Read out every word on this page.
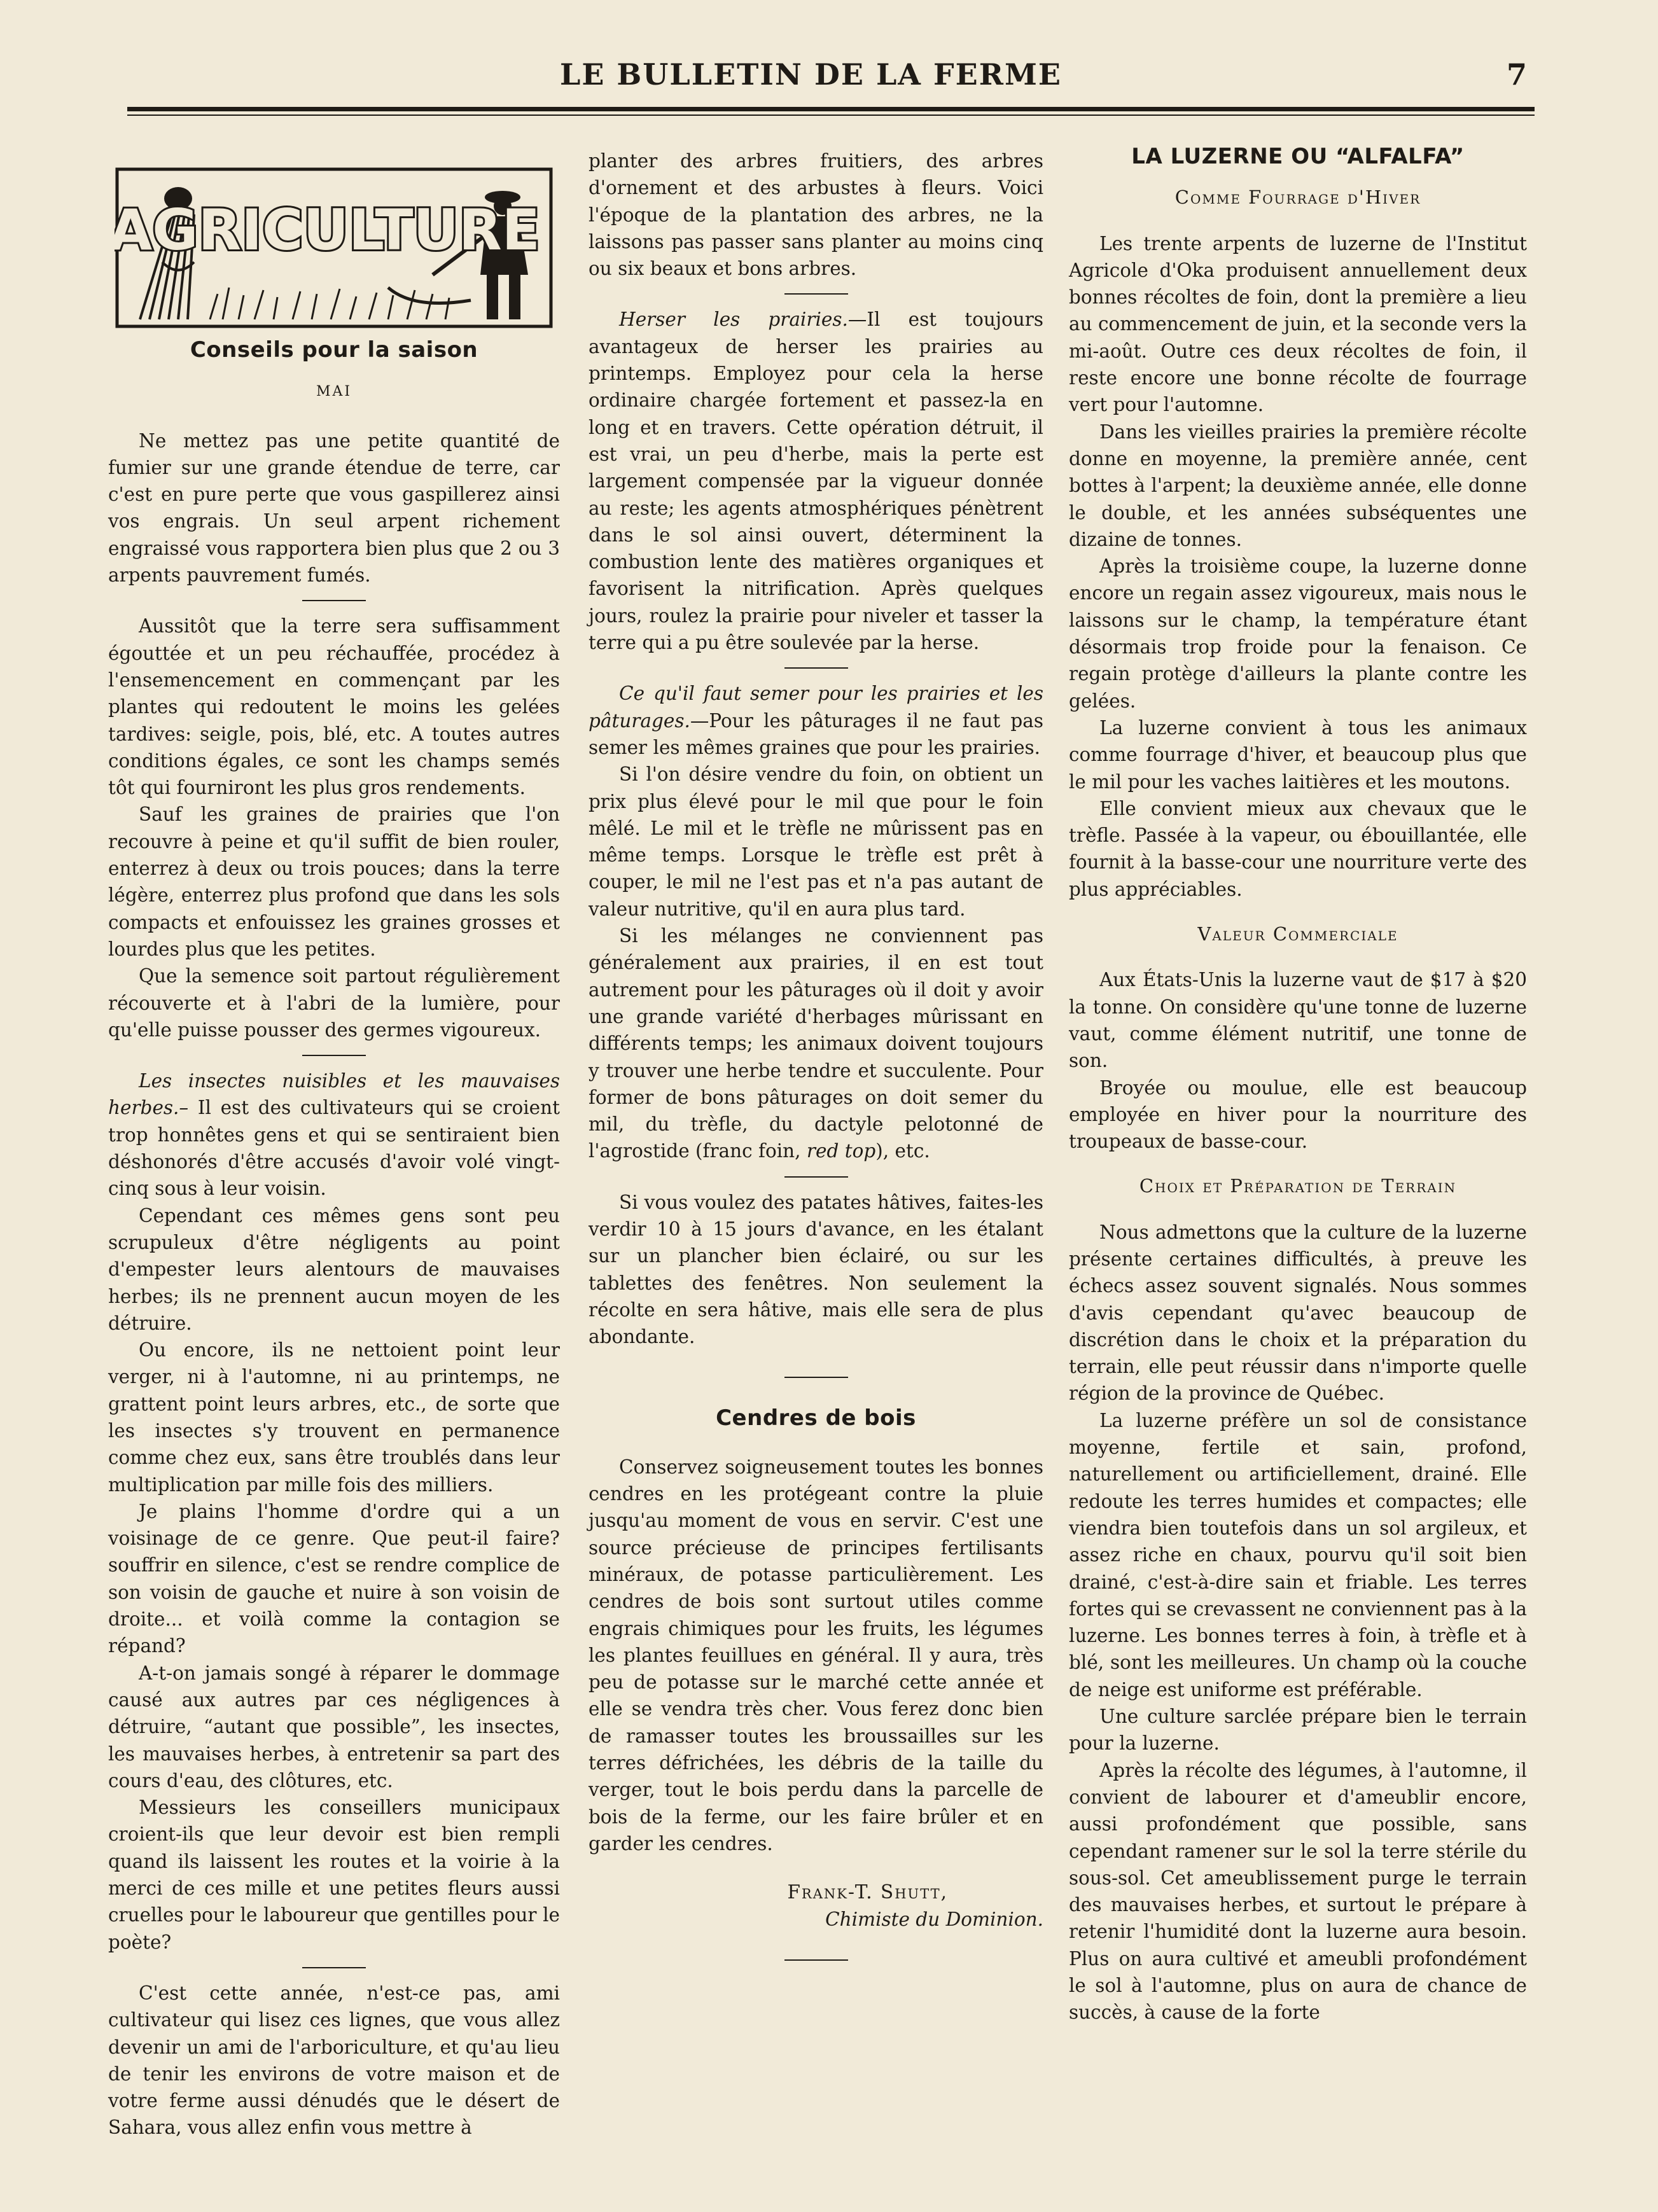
LE BULLETIN DE LA FERME	7
AGRICULTURE
Conseils pour la saison
MAI

Ne mettez pas une petite quantité de fumier sur une grande étendue de terre, car c'est en pure perte que vous gaspillerez ainsi vos engrais. Un seul arpent richement engraissé vous rapportera bien plus que 2 ou 3 arpents pauvrement fumés.

Aussitôt que la terre sera suffisamment égouttée et un peu réchauffée, procédez à l'ensemencement en commençant par les plantes qui redoutent le moins les gelées tardives: seigle, pois, blé, etc. A toutes autres conditions égales, ce sont les champs semés tôt qui fourniront les plus gros rendements.

Sauf les graines de prairies que l'on recouvre à peine et qu'il suffit de bien rouler, enterrez à deux ou trois pouces; dans la terre légère, enterrez plus profond que dans les sols compacts et enfouissez les graines grosses et lourdes plus que les petites.

Que la semence soit partout régulièrement récouverte et à l'abri de la lumière, pour qu'elle puisse pousser des germes vigoureux.

Les insectes nuisibles et les mauvaises herbes.– Il est des cultivateurs qui se croient trop honnêtes gens et qui se sentiraient bien déshonorés d'être accusés d'avoir volé vingt-cinq sous à leur voisin.

Cependant ces mêmes gens sont peu scrupuleux d'être négligents au point d'empester leurs alentours de mauvaises herbes; ils ne prennent aucun moyen de les détruire.

Ou encore, ils ne nettoient point leur verger, ni à l'automne, ni au printemps, ne grattent point leurs arbres, etc., de sorte que les insectes s'y trouvent en permanence comme chez eux, sans être troublés dans leur multiplication par mille fois des milliers.

Je plains l'homme d'ordre qui a un voisinage de ce genre. Que peut-il faire? souffrir en silence, c'est se rendre complice de son voisin de gauche et nuire à son voisin de droite... et voilà comme la contagion se répand?

A-t-on jamais songé à réparer le dommage causé aux autres par ces négligences à détruire, “autant que possible”, les insectes, les mauvaises herbes, à entretenir sa part des cours d'eau, des clôtures, etc.

Messieurs les conseillers municipaux croient-ils que leur devoir est bien rempli quand ils laissent les routes et la voirie à la merci de ces mille et une petites fleurs aussi cruelles pour le laboureur que gentilles pour le poète?

C'est cette année, n'est-ce pas, ami cultivateur qui lisez ces lignes, que vous allez devenir un ami de l'arboriculture, et qu'au lieu de tenir les environs de votre maison et de votre ferme aussi dénudés que le désert de Sahara, vous allez enfin vous mettre à

planter des arbres fruitiers, des arbres d'ornement et des arbustes à fleurs. Voici l'époque de la plantation des arbres, ne la laissons pas passer sans planter au moins cinq ou six beaux et bons arbres.

Herser les prairies.—Il est toujours avantageux de herser les prairies au printemps. Employez pour cela la herse ordinaire chargée fortement et passez-la en long et en travers. Cette opération détruit, il est vrai, un peu d'herbe, mais la perte est largement compensée par la vigueur donnée au reste; les agents atmosphériques pénètrent dans le sol ainsi ouvert, déterminent la combustion lente des matières organiques et favorisent la nitrification. Après quelques jours, roulez la prairie pour niveler et tasser la terre qui a pu être soulevée par la herse.

Ce qu'il faut semer pour les prairies et les pâturages.—Pour les pâturages il ne faut pas semer les mêmes graines que pour les prairies.

Si l'on désire vendre du foin, on obtient un prix plus élevé pour le mil que pour le foin mêlé. Le mil et le trèfle ne mûrissent pas en même temps. Lorsque le trèfle est prêt à couper, le mil ne l'est pas et n'a pas autant de valeur nutritive, qu'il en aura plus tard.

Si les mélanges ne conviennent pas généralement aux prairies, il en est tout autrement pour les pâturages où il doit y avoir une grande variété d'herbages mûrissant en différents temps; les animaux doivent toujours y trouver une herbe tendre et succulente. Pour former de bons pâturages on doit semer du mil, du trèfle, du dactyle pelotonné de l'agrostide (franc foin, red top), etc.

Si vous voulez des patates hâtives, faites-les verdir 10 à 15 jours d'avance, en les étalant sur un plancher bien éclairé, ou sur les tablettes des fenêtres. Non seulement la récolte en sera hâtive, mais elle sera de plus abondante.

Cendres de bois

Conservez soigneusement toutes les bonnes cendres en les protégeant contre la pluie jusqu'au moment de vous en servir. C'est une source précieuse de principes fertilisants minéraux, de potasse particulièrement. Les cendres de bois sont surtout utiles comme engrais chimiques pour les fruits, les légumes les plantes feuillues en général. Il y aura, très peu de potasse sur le marché cette année et elle se vendra très cher. Vous ferez donc bien de ramasser toutes les broussailles sur les terres défrichées, les débris de la taille du verger, tout le bois perdu dans la parcelle de bois de la ferme, our les faire brûler et en garder les cendres.

Frank-T. Shutt,
Chimiste du Dominion.
LA LUZERNE OU “ALFALFA”
Comme Fourrage d'Hiver

Les trente arpents de luzerne de l'Institut Agricole d'Oka produisent annuellement deux bonnes récoltes de foin, dont la première a lieu au commencement de juin, et la seconde vers la mi-août. Outre ces deux récoltes de foin, il reste encore une bonne récolte de fourrage vert pour l'automne.

Dans les vieilles prairies la première récolte donne en moyenne, la première année, cent bottes à l'arpent; la deuxième année, elle donne le double, et les années subséquentes une dizaine de tonnes.

Après la troisième coupe, la luzerne donne encore un regain assez vigoureux, mais nous le laissons sur le champ, la température étant désormais trop froide pour la fenaison. Ce regain protège d'ailleurs la plante contre les gelées.

La luzerne convient à tous les animaux comme fourrage d'hiver, et beaucoup plus que le mil pour les vaches laitières et les moutons.

Elle convient mieux aux chevaux que le trèfle. Passée à la vapeur, ou ébouillantée, elle fournit à la basse-cour une nourriture verte des plus appréciables.

Valeur Commerciale

Aux États-Unis la luzerne vaut de $17 à $20 la tonne. On considère qu'une tonne de luzerne vaut, comme élément nutritif, une tonne de son.

Broyée ou moulue, elle est beaucoup employée en hiver pour la nourriture des troupeaux de basse-cour.

Choix et Préparation de Terrain

Nous admettons que la culture de la luzerne présente certaines difficultés, à preuve les échecs assez souvent signalés. Nous sommes d'avis cependant qu'avec beaucoup de discrétion dans le choix et la préparation du terrain, elle peut réussir dans n'importe quelle région de la province de Québec.

La luzerne préfère un sol de consistance moyenne, fertile et sain, profond, naturellement ou artificiellement, drainé. Elle redoute les terres humides et compactes; elle viendra bien toutefois dans un sol argileux, et assez riche en chaux, pourvu qu'il soit bien drainé, c'est-à-dire sain et friable. Les terres fortes qui se crevassent ne conviennent pas à la luzerne. Les bonnes terres à foin, à trèfle et à blé, sont les meilleures. Un champ où la couche de neige est uniforme est préférable.

Une culture sarclée prépare bien le terrain pour la luzerne.

Après la récolte des légumes, à l'automne, il convient de labourer et d'ameublir encore, aussi profondément que possible, sans cependant ramener sur le sol la terre stérile du sous-sol. Cet ameublissement purge le terrain des mauvaises herbes, et surtout le prépare à retenir l'humidité dont la luzerne aura besoin. Plus on aura cultivé et ameubli profondément le sol à l'automne, plus on aura de chance de succès, à cause de la forte
